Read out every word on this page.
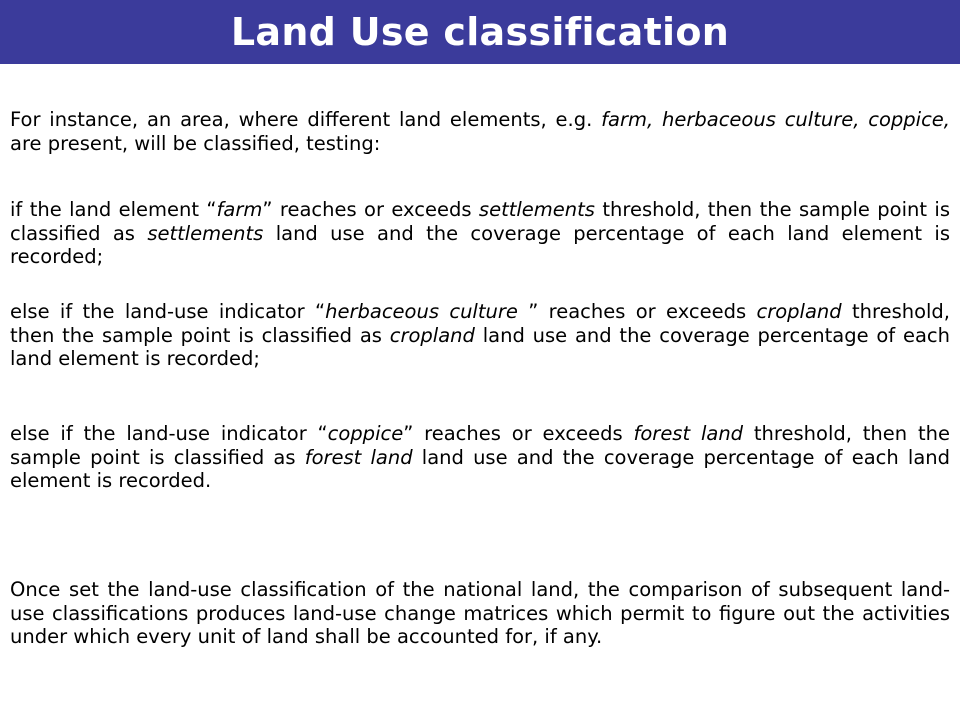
Land Use classification

For instance, an area, where different land elements, e.g. farm, herbaceous culture, coppice, are present, will be classified, testing:

if the land element “farm” reaches or exceeds settlements threshold, then the sample point is classified as settlements land use and the coverage percentage of each land element is recorded;

else if the land-use indicator “herbaceous culture ” reaches or exceeds cropland threshold, then the sample point is classified as cropland land use and the coverage percentage of each land element is recorded;

else if the land-use indicator “coppice” reaches or exceeds forest land threshold, then the sample point is classified as forest land land use and the coverage percentage of each land element is recorded.

Once set the land-use classification of the national land, the comparison of subsequent land-use classifications produces land-use change matrices which permit to figure out the activities under which every unit of land shall be accounted for, if any.
